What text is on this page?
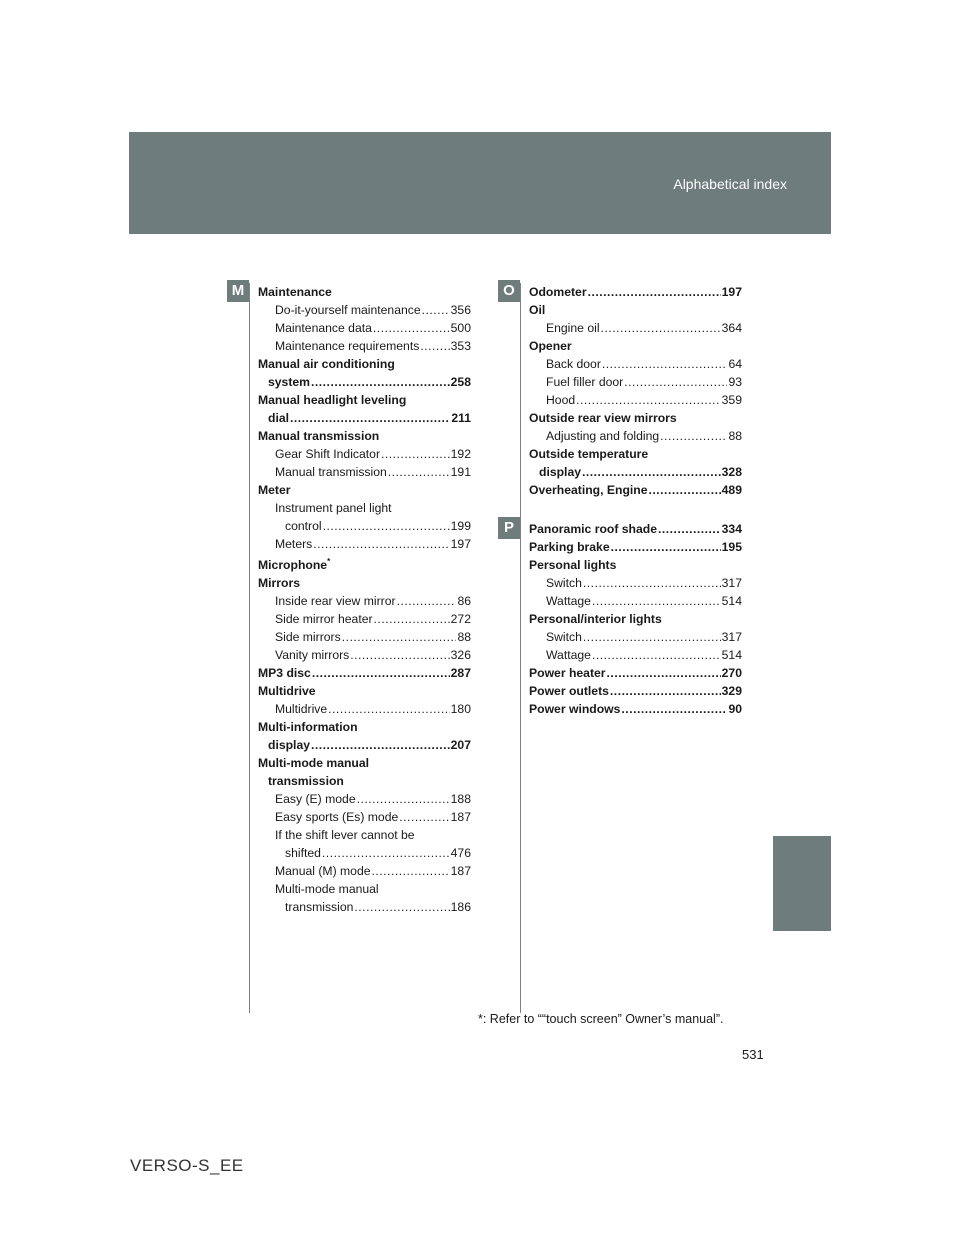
Alphabetical index
M	O
P
Maintenance
Do-it-yourself maintenance ..... 356
Maintenance data .....	500
Maintenance requirements .....	353
Manual air conditioning
system .....	258
Manual headlight leveling
dial .....	211
Manual transmission
Gear Shift Indicator .....	192
Manual transmission .....	191
Meter
Instrument panel light
control .....	199
Meters .....	197
Microphone*
Mirrors
Inside rear view mirror .....	86
Side mirror heater .....	272
Side mirrors .....	88
Vanity mirrors .....	326
MP3 disc .....	287
Multidrive
Multidrive .....	180
Multi-information
display .....	207
Multi-mode manual
transmission
Easy (E) mode .....	188
Easy sports (Es) mode .....	187
If the shift lever cannot be
shifted .....	476
Manual (M) mode .....	187
Multi-mode manual
transmission .....	186
Odometer .....	197
Oil
Engine oil .....	364
Opener
Back door .....	64
Fuel filler door .....	93
Hood .....	359
Outside rear view mirrors
Adjusting and folding .....	88
Outside temperature
display .....	328
Overheating, Engine .....	489
Panoramic roof shade .....	334
Parking brake .....	195
Personal lights
Switch .....	317
Wattage .....	514
Personal/interior lights
Switch .....	317
Wattage .....	514
Power heater .....	270
Power outlets .....	329
Power windows .....	90
*: Refer to ““touch screen” Owner’s manual”.
531
VERSO-S_EE
